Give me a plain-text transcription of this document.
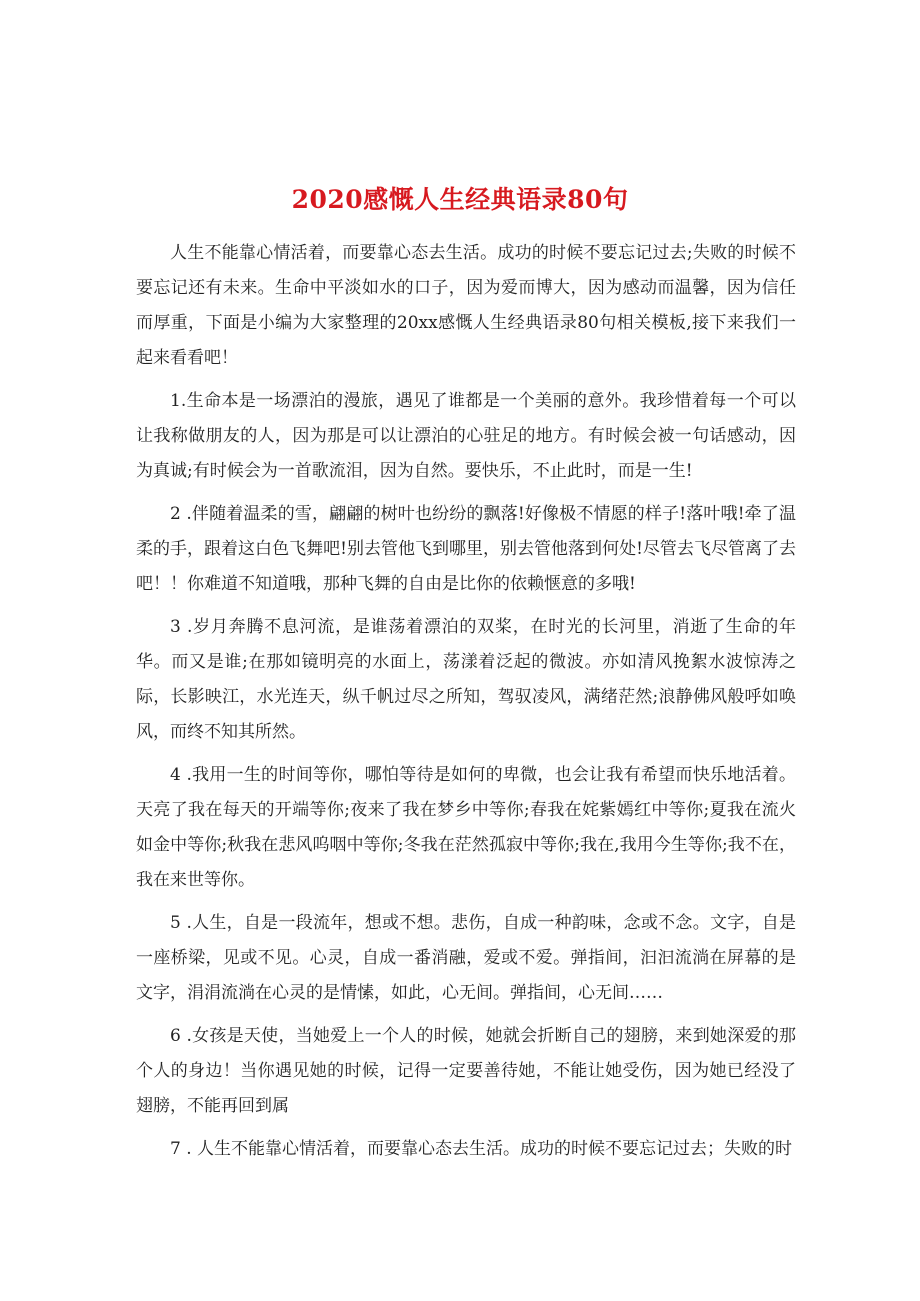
2020感慨人生经典语录80句

人生不能靠心情活着，而要靠心态去生活。成功的时候不要忘记过去;失败的时候不要忘记还有未来。生命中平淡如水的口子，因为爱而博大，因为感动而温馨，因为信任而厚重，下面是小编为大家整理的20xx感慨人生经典语录80句相关模板,接下来我们一起来看看吧！

1.生命本是一场漂泊的漫旅，遇见了谁都是一个美丽的意外。我珍惜着每一个可以让我称做朋友的人，因为那是可以让漂泊的心驻足的地方。有时候会被一句话感动，因为真诚;有时候会为一首歌流泪，因为自然。要快乐，不止此时，而是一生!

2 .伴随着温柔的雪，翩翩的树叶也纷纷的飘落!好像极不情愿的样子!落叶哦!牵了温柔的手，跟着这白色飞舞吧!别去管他飞到哪里，别去管他落到何处!尽管去飞尽管离了去吧！！你难道不知道哦，那种飞舞的自由是比你的依赖惬意的多哦!

3 .岁月奔腾不息河流，是谁荡着漂泊的双桨，在时光的长河里，消逝了生命的年华。而又是谁;在那如镜明亮的水面上，荡漾着泛起的微波。亦如清风挽絮水波惊涛之际，长影映江，水光连天，纵千帆过尽之所知，驾驭凌风，满绪茫然;浪静佛风般呼如唤风，而终不知其所然。

4 .我用一生的时间等你，哪怕等待是如何的卑微，也会让我有希望而快乐地活着。天亮了我在每天的开端等你;夜来了我在梦乡中等你;春我在姹紫嫣红中等你;夏我在流火如金中等你;秋我在悲风呜咽中等你;冬我在茫然孤寂中等你;我在,我用今生等你;我不在，我在来世等你。

5 .人生，自是一段流年，想或不想。悲伤，自成一种韵味，念或不念。文字，自是一座桥梁，见或不见。心灵，自成一番消融，爱或不爱。弹指间，汩汩流淌在屏幕的是文字，涓涓流淌在心灵的是情愫，如此，心无间。弹指间，心无间……

6 .女孩是天使，当她爱上一个人的时候，她就会折断自己的翅膀，来到她深爱的那个人的身边！当你遇见她的时候，记得一定要善待她，不能让她受伤，因为她已经没了翅膀，不能再回到属

7 . 人生不能靠心情活着，而要靠心态去生活。成功的时候不要忘记过去；失败的时
